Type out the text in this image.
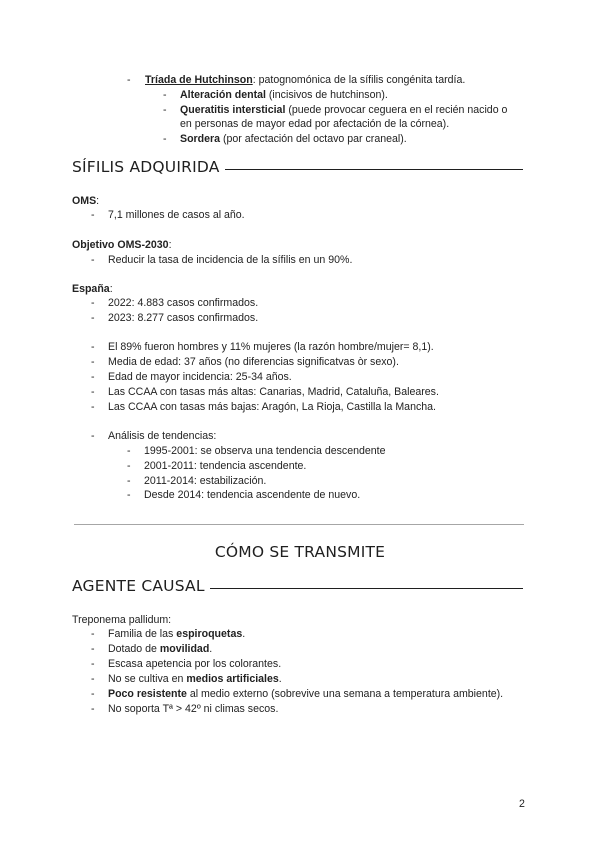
- Tríada de Hutchinson: patognomónica de la sífilis congénita tardía.
- Alteración dental (incisivos de hutchinson).
- Queratitis intersticial (puede provocar ceguera en el recién nacido o
en personas de mayor edad por afectación de la córnea).
- Sordera (por afectación del octavo par craneal).
SÍFILIS ADQUIRIDA
OMS:
- 7,1 millones de casos al año.
Objetivo OMS-2030:
- Reducir la tasa de incidencia de la sífilis en un 90%.
España:
- 2022: 4.883 casos confirmados.
- 2023: 8.277 casos confirmados.
- El 89% fueron hombres y 11% mujeres (la razón hombre/mujer= 8,1).
- Media de edad: 37 años (no diferencias significatvas òr sexo).
- Edad de mayor incidencia: 25-34 años.
- Las CCAA con tasas más altas: Canarias, Madrid, Cataluña, Baleares.
- Las CCAA con tasas más bajas: Aragón, La Rioja, Castilla la Mancha.
- Análisis de tendencias:
- 1995-2001: se observa una tendencia descendente
- 2001-2011: tendencia ascendente.
- 2011-2014: estabilización.
- Desde 2014: tendencia ascendente de nuevo.
CÓMO SE TRANSMITE
AGENTE CAUSAL
Treponema pallidum:
- Familia de las espiroquetas.
- Dotado de movilidad.
- Escasa apetencia por los colorantes.
- No se cultiva en medios artificiales.
- Poco resistente al medio externo (sobrevive una semana a temperatura ambiente).
- No soporta Tª > 42º ni climas secos.
2
